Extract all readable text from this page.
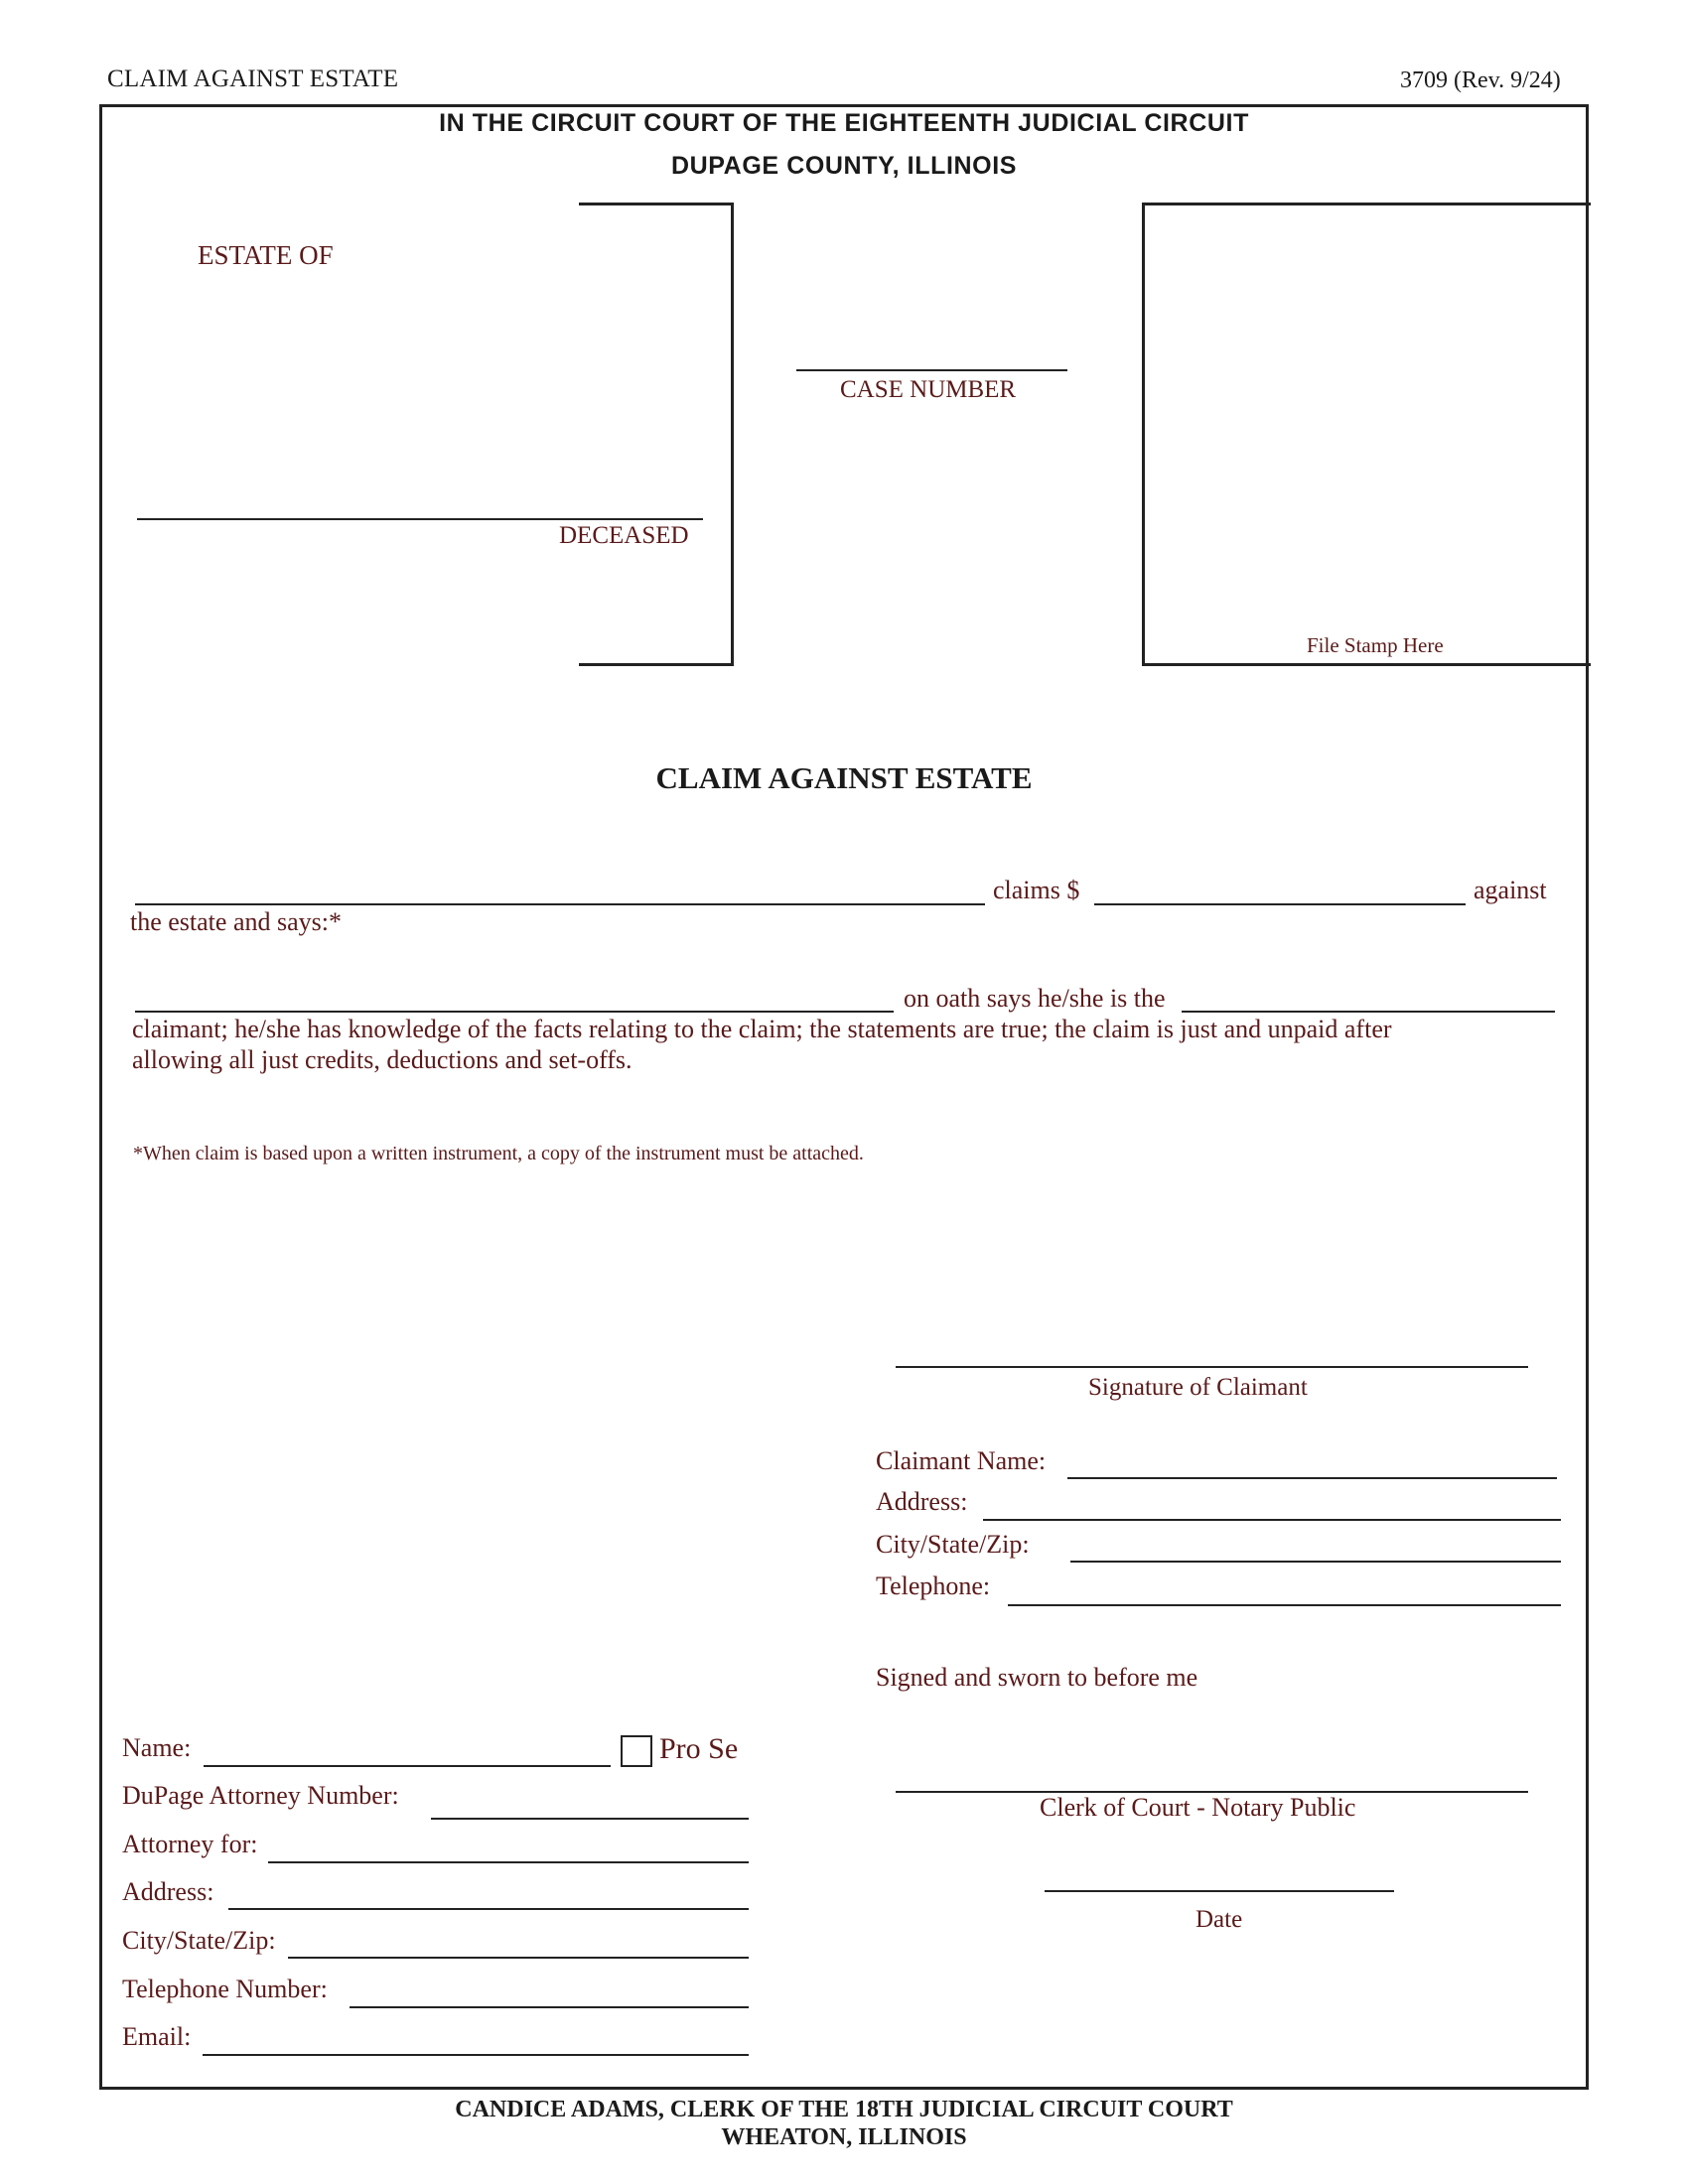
CLAIM AGAINST ESTATE	3709 (Rev. 9/24)
IN THE CIRCUIT COURT OF THE EIGHTEENTH JUDICIAL CIRCUIT
DUPAGE COUNTY, ILLINOIS
ESTATE OF
DECEASED
CASE NUMBER
File Stamp Here
CLAIM AGAINST ESTATE
claims $	against
the estate and says:*
on oath says he/she is the
claimant; he/she has knowledge of the facts relating to the claim; the statements are true; the claim is just and unpaid after
allowing all just credits, deductions and set-offs.
*When claim is based upon a written instrument, a copy of the instrument must be attached.
Signature of Claimant
Claimant Name:
Address:
City/State/Zip:
Telephone:
Signed and sworn to before me
Clerk of Court - Notary Public
Date
Name:	Pro Se
DuPage Attorney Number:
Attorney for:
Address:
City/State/Zip:
Telephone Number:
Email:
CANDICE ADAMS, CLERK OF THE 18TH JUDICIAL CIRCUIT COURT
WHEATON, ILLINOIS
